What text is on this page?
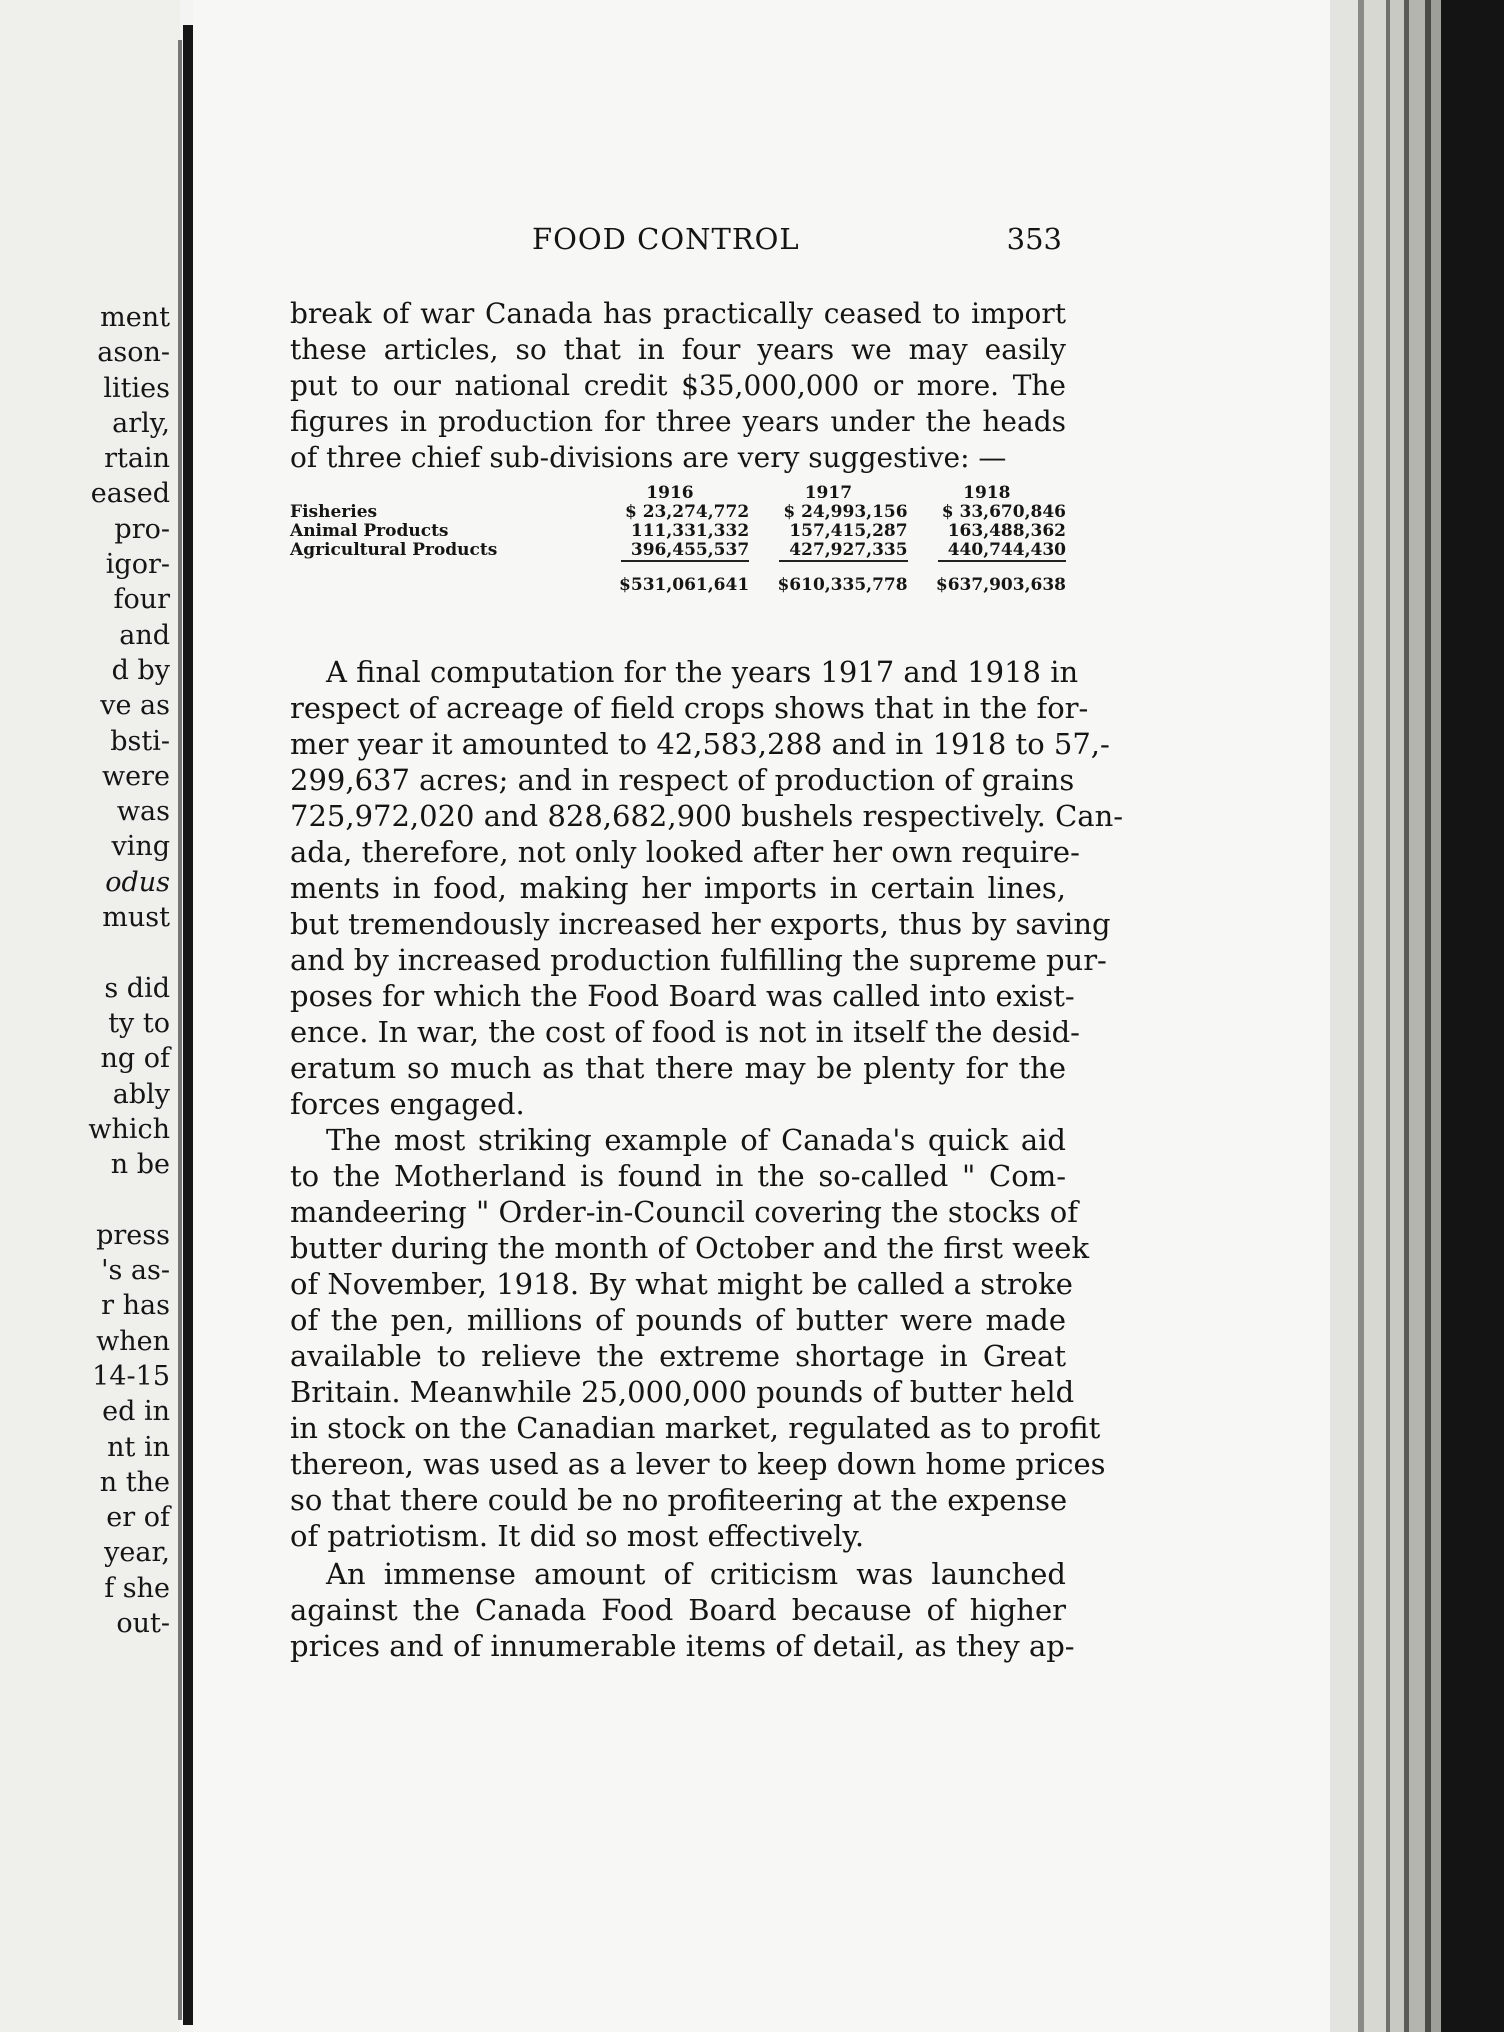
ment
ason-
lities
arly,
rtain
eased
pro-
igor-
four
and
d by
ve as
bsti-
were
was
ving
odus
must
s did
ty to
ng of
ably
which
n be
press
's as-
r has
when
14-15
ed in
nt in
n the
er of
year,
f she
out-
FOOD CONTROL	353
break of war Canada has practically ceased to import
these articles, so that in four years we may easily
put to our national credit $35,000,000 or more. The
figures in production for three years under the heads
of three chief sub-divisions are very suggestive: —
	1916	1917	1918
Fisheries	$ 23,274,772	$ 24,993,156	$ 33,670,846
Animal Products	111,331,332	157,415,287	163,488,362
Agricultural Products	396,455,537	427,927,335	440,744,430

	$531,061,641	$610,335,778	$637,903,638
A final computation for the years 1917 and 1918 in
respect of acreage of field crops shows that in the for-
mer year it amounted to 42,583,288 and in 1918 to 57,-
299,637 acres; and in respect of production of grains
725,972,020 and 828,682,900 bushels respectively. Can-
ada, therefore, not only looked after her own require-
ments in food, making her imports in certain lines,
but tremendously increased her exports, thus by saving
and by increased production fulfilling the supreme pur-
poses for which the Food Board was called into exist-
ence. In war, the cost of food is not in itself the desid-
eratum so much as that there may be plenty for the
forces engaged.
The most striking example of Canada's quick aid
to the Motherland is found in the so-called " Com-
mandeering " Order-in-Council covering the stocks of
butter during the month of October and the first week
of November, 1918. By what might be called a stroke
of the pen, millions of pounds of butter were made
available to relieve the extreme shortage in Great
Britain. Meanwhile 25,000,000 pounds of butter held
in stock on the Canadian market, regulated as to profit
thereon, was used as a lever to keep down home prices
so that there could be no profiteering at the expense
of patriotism. It did so most effectively.
An immense amount of criticism was launched
against the Canada Food Board because of higher
prices and of innumerable items of detail, as they ap-
